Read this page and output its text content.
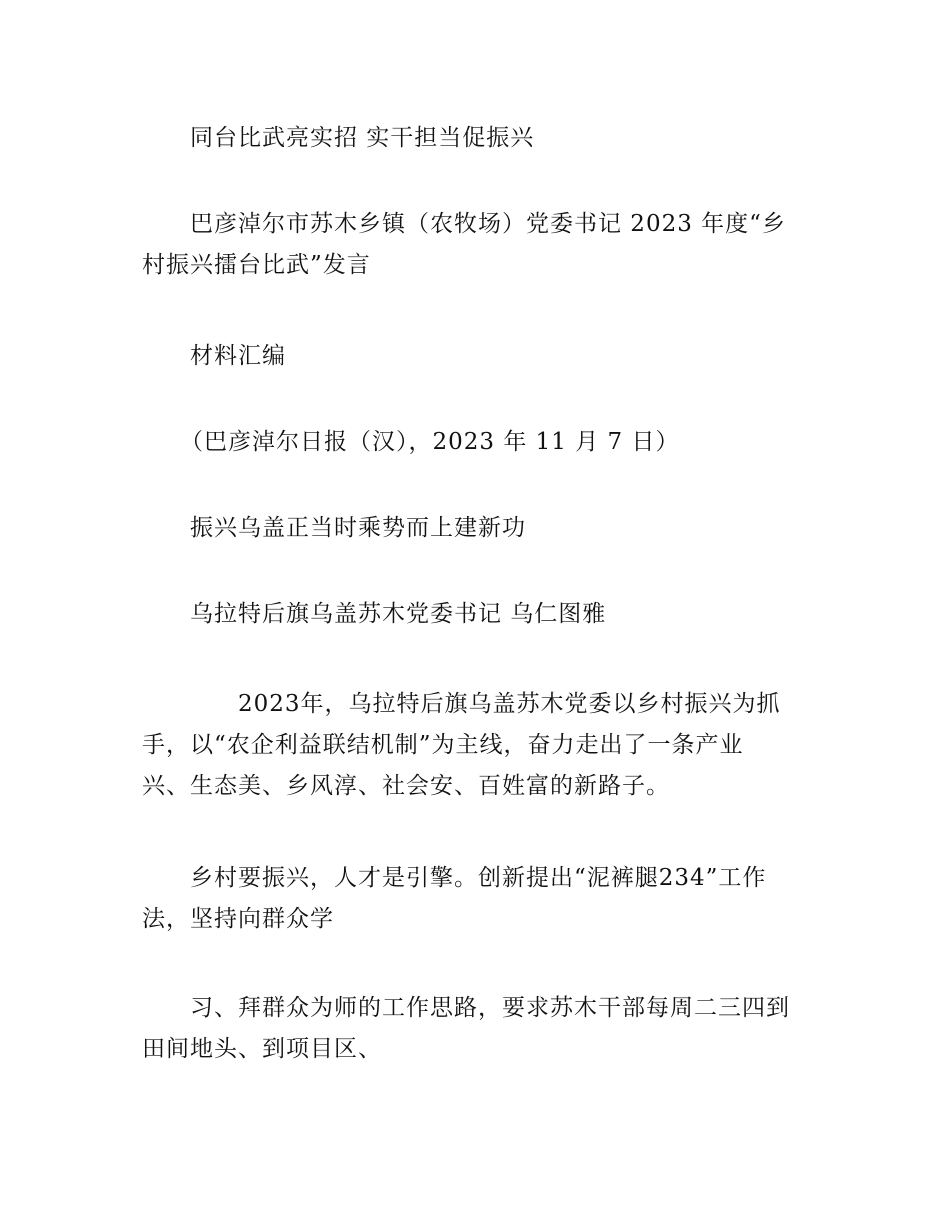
同台比武亮实招 实干担当促振兴

巴彦淖尔市苏木乡镇（农牧场）党委书记 2023 年度“乡
村振兴擂台比武”发言

材料汇编

（巴彦淖尔日报（汉），2023 年 11 月 7 日）

振兴乌盖正当时乘势而上建新功

乌拉特后旗乌盖苏木党委书记 乌仁图雅

2023年，乌拉特后旗乌盖苏木党委以乡村振兴为抓
手，以“农企利益联结机制”为主线，奋力走出了一条产业
兴、生态美、乡风淳、社会安、百姓富的新路子。

乡村要振兴，人才是引擎。创新提出“泥裤腿234”工作
法，坚持向群众学

习、拜群众为师的工作思路，要求苏木干部每周二三四到
田间地头、到项目区、
